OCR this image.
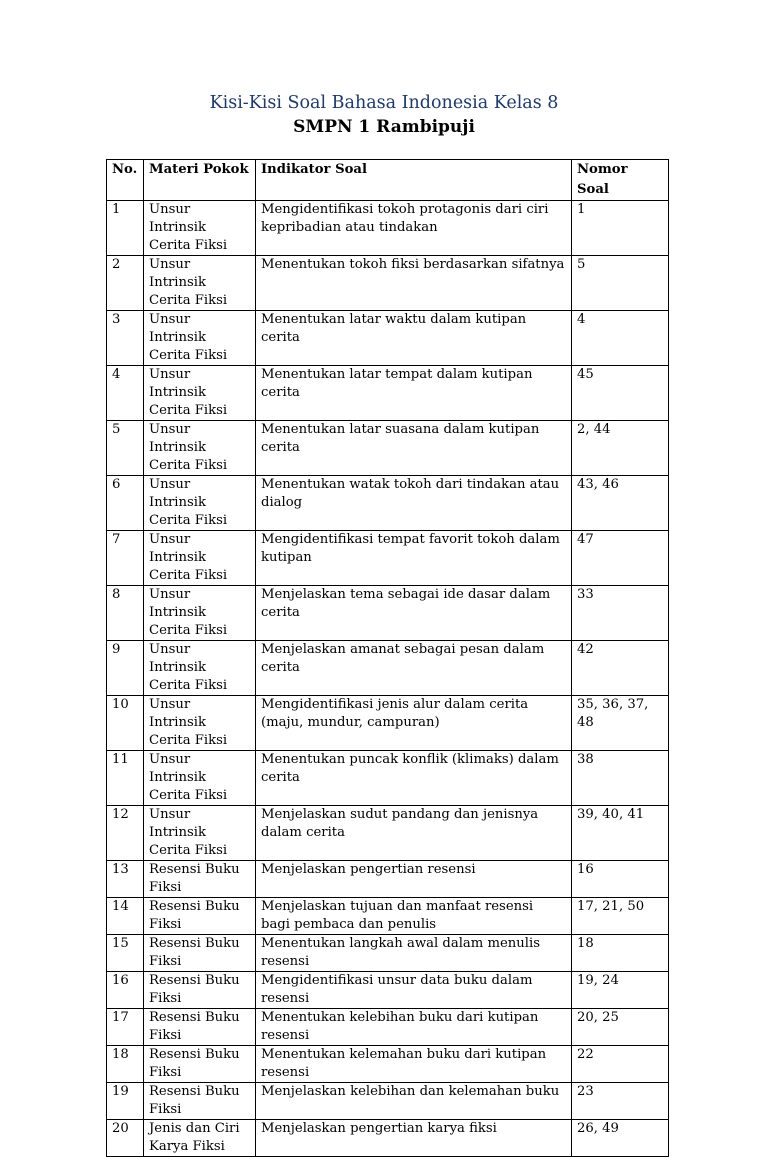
Kisi-Kisi Soal Bahasa Indonesia Kelas 8
SMPN 1 Rambipuji
No.	Materi Pokok	Indikator Soal	Nomor Soal
1	Unsur Intrinsik Cerita Fiksi	Mengidentifikasi tokoh protagonis dari ciri kepribadian atau tindakan	1
2	Unsur Intrinsik Cerita Fiksi	Menentukan tokoh fiksi berdasarkan sifatnya	5
3	Unsur Intrinsik Cerita Fiksi	Menentukan latar waktu dalam kutipan cerita	4
4	Unsur Intrinsik Cerita Fiksi	Menentukan latar tempat dalam kutipan cerita	45
5	Unsur Intrinsik Cerita Fiksi	Menentukan latar suasana dalam kutipan cerita	2, 44
6	Unsur Intrinsik Cerita Fiksi	Menentukan watak tokoh dari tindakan atau dialog	43, 46
7	Unsur Intrinsik Cerita Fiksi	Mengidentifikasi tempat favorit tokoh dalam kutipan	47
8	Unsur Intrinsik Cerita Fiksi	Menjelaskan tema sebagai ide dasar dalam cerita	33
9	Unsur Intrinsik Cerita Fiksi	Menjelaskan amanat sebagai pesan dalam cerita	42
10	Unsur Intrinsik Cerita Fiksi	Mengidentifikasi jenis alur dalam cerita (maju, mundur, campuran)	35, 36, 37, 48
11	Unsur Intrinsik Cerita Fiksi	Menentukan puncak konflik (klimaks) dalam cerita	38
12	Unsur Intrinsik Cerita Fiksi	Menjelaskan sudut pandang dan jenisnya dalam cerita	39, 40, 41
13	Resensi Buku Fiksi	Menjelaskan pengertian resensi	16
14	Resensi Buku Fiksi	Menjelaskan tujuan dan manfaat resensi bagi pembaca dan penulis	17, 21, 50
15	Resensi Buku Fiksi	Menentukan langkah awal dalam menulis resensi	18
16	Resensi Buku Fiksi	Mengidentifikasi unsur data buku dalam resensi	19, 24
17	Resensi Buku Fiksi	Menentukan kelebihan buku dari kutipan resensi	20, 25
18	Resensi Buku Fiksi	Menentukan kelemahan buku dari kutipan resensi	22
19	Resensi Buku Fiksi	Menjelaskan kelebihan dan kelemahan buku	23
20	Jenis dan Ciri Karya Fiksi	Menjelaskan pengertian karya fiksi	26, 49
